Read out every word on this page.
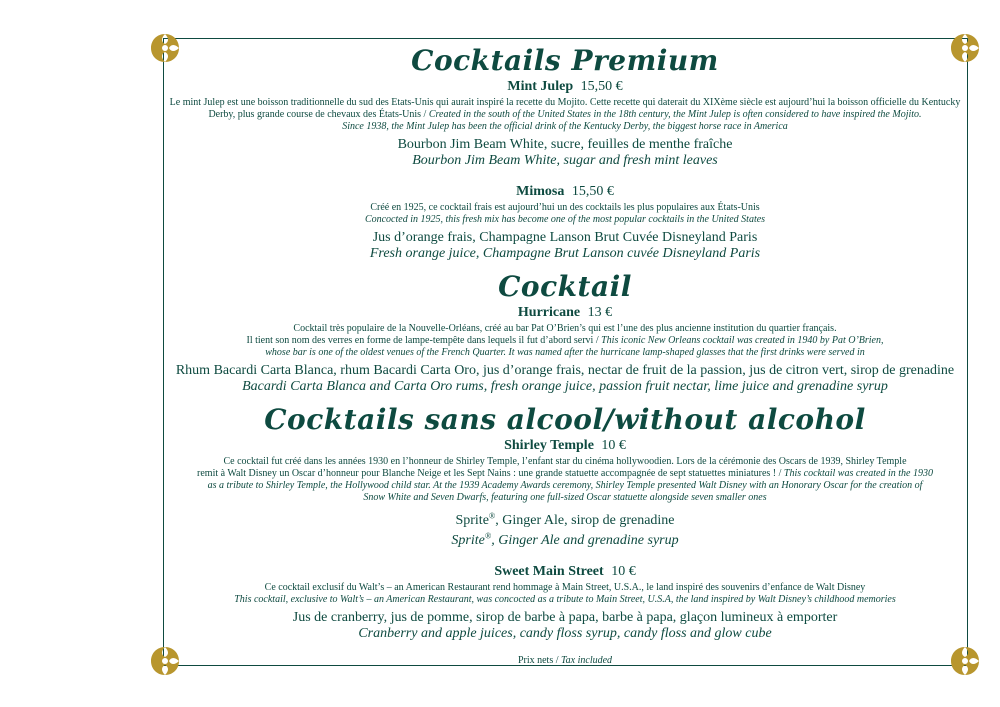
Cocktails Premium

Mint Julep 15,50 €

Le mint Julep est une boisson traditionnelle du sud des Etats-Unis qui aurait inspiré la recette du Mojito. Cette recette qui daterait du XIXème siècle est aujourd’hui la boisson officielle du Kentucky
Derby, plus grande course de chevaux des États-Unis / Created in the south of the United States in the 18th century, the Mint Julep is often considered to have inspired the Mojito.
Since 1938, the Mint Julep has been the official drink of the Kentucky Derby, the biggest horse race in America

Bourbon Jim Beam White, sucre, feuilles de menthe fraîche
Bourbon Jim Beam White, sugar and fresh mint leaves

Mimosa 15,50 €

Créé en 1925, ce cocktail frais est aujourd’hui un des cocktails les plus populaires aux États-Unis
Concocted in 1925, this fresh mix has become one of the most popular cocktails in the United States

Jus d’orange frais, Champagne Lanson Brut Cuvée Disneyland Paris
Fresh orange juice, Champagne Brut Lanson cuvée Disneyland Paris

Cocktail

Hurricane 13 €

Cocktail très populaire de la Nouvelle-Orléans, créé au bar Pat O’Brien’s qui est l’une des plus ancienne institution du quartier français.
Il tient son nom des verres en forme de lampe-tempête dans lequels il fut d’abord servi / This iconic New Orleans cocktail was created in 1940 by Pat O’Brien,
whose bar is one of the oldest venues of the French Quarter. It was named after the hurricane lamp-shaped glasses that the first drinks were served in

Rhum Bacardi Carta Blanca, rhum Bacardi Carta Oro, jus d’orange frais, nectar de fruit de la passion, jus de citron vert, sirop de grenadine
Bacardi Carta Blanca and Carta Oro rums, fresh orange juice, passion fruit nectar, lime juice and grenadine syrup

Cocktails sans alcool/without alcohol

Shirley Temple 10 €

Ce cocktail fut créé dans les années 1930 en l’honneur de Shirley Temple, l’enfant star du cinéma hollywoodien. Lors de la cérémonie des Oscars de 1939, Shirley Temple
remit à Walt Disney un Oscar d’honneur pour Blanche Neige et les Sept Nains : une grande statuette accompagnée de sept statuettes miniatures ! / This cocktail was created in the 1930
as a tribute to Shirley Temple, the Hollywood child star. At the 1939 Academy Awards ceremony, Shirley Temple presented Walt Disney with an Honorary Oscar for the creation of
Snow White and Seven Dwarfs, featuring one full-sized Oscar statuette alongside seven smaller ones

Sprite®, Ginger Ale, sirop de grenadine
Sprite®, Ginger Ale and grenadine syrup

Sweet Main Street 10 €

Ce cocktail exclusif du Walt’s – an American Restaurant rend hommage à Main Street, U.S.A., le land inspiré des souvenirs d’enfance de Walt Disney
This cocktail, exclusive to Walt’s – an American Restaurant, was concocted as a tribute to Main Street, U.S.A, the land inspired by Walt Disney’s childhood memories

Jus de cranberry, jus de pomme, sirop de barbe à papa, barbe à papa, glaçon lumineux à emporter
Cranberry and apple juices, candy floss syrup, candy floss and glow cube

Prix nets / Tax included
